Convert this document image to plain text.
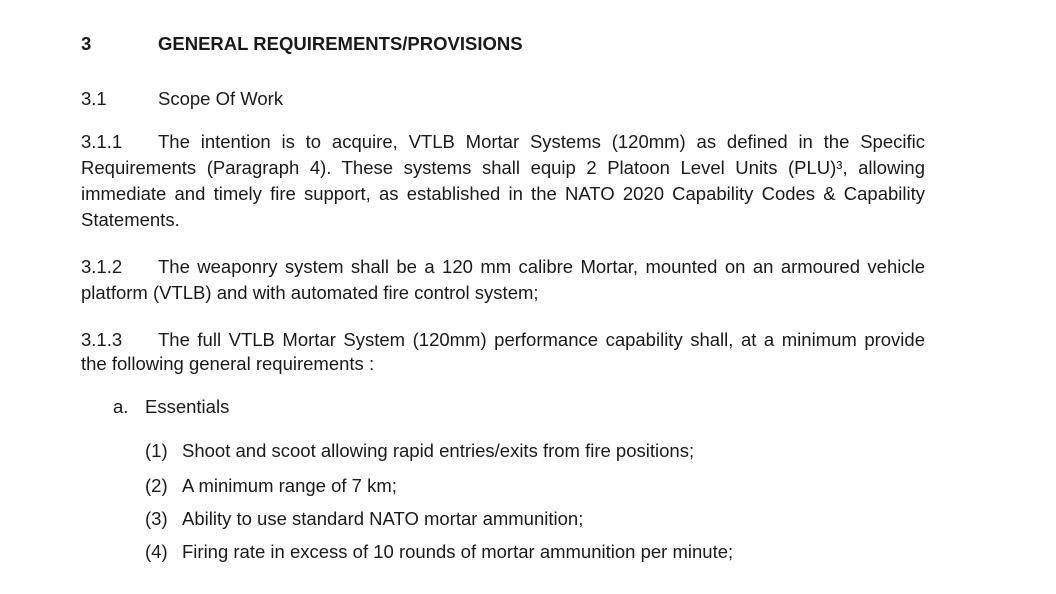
3	GENERAL REQUIREMENTS/PROVISIONS
3.1	Scope Of Work
3.1.1 The intention is to acquire, VTLB Mortar Systems (120mm) as defined in the Specific
Requirements (Paragraph 4). These systems shall equip 2 Platoon Level Units (PLU)³, allowing
immediate and timely fire support, as established in the NATO 2020 Capability Codes & Capability
Statements.
3.1.2 The weaponry system shall be a 120 mm calibre Mortar, mounted on an armoured vehicle
platform (VTLB) and with automated fire control system;
3.1.3 The full VTLB Mortar System (120mm) performance capability shall, at a minimum provide
the following general requirements :
a. Essentials
(1) Shoot and scoot allowing rapid entries/exits from fire positions;
(2) A minimum range of 7 km;
(3) Ability to use standard NATO mortar ammunition;
(4) Firing rate in excess of 10 rounds of mortar ammunition per minute;
